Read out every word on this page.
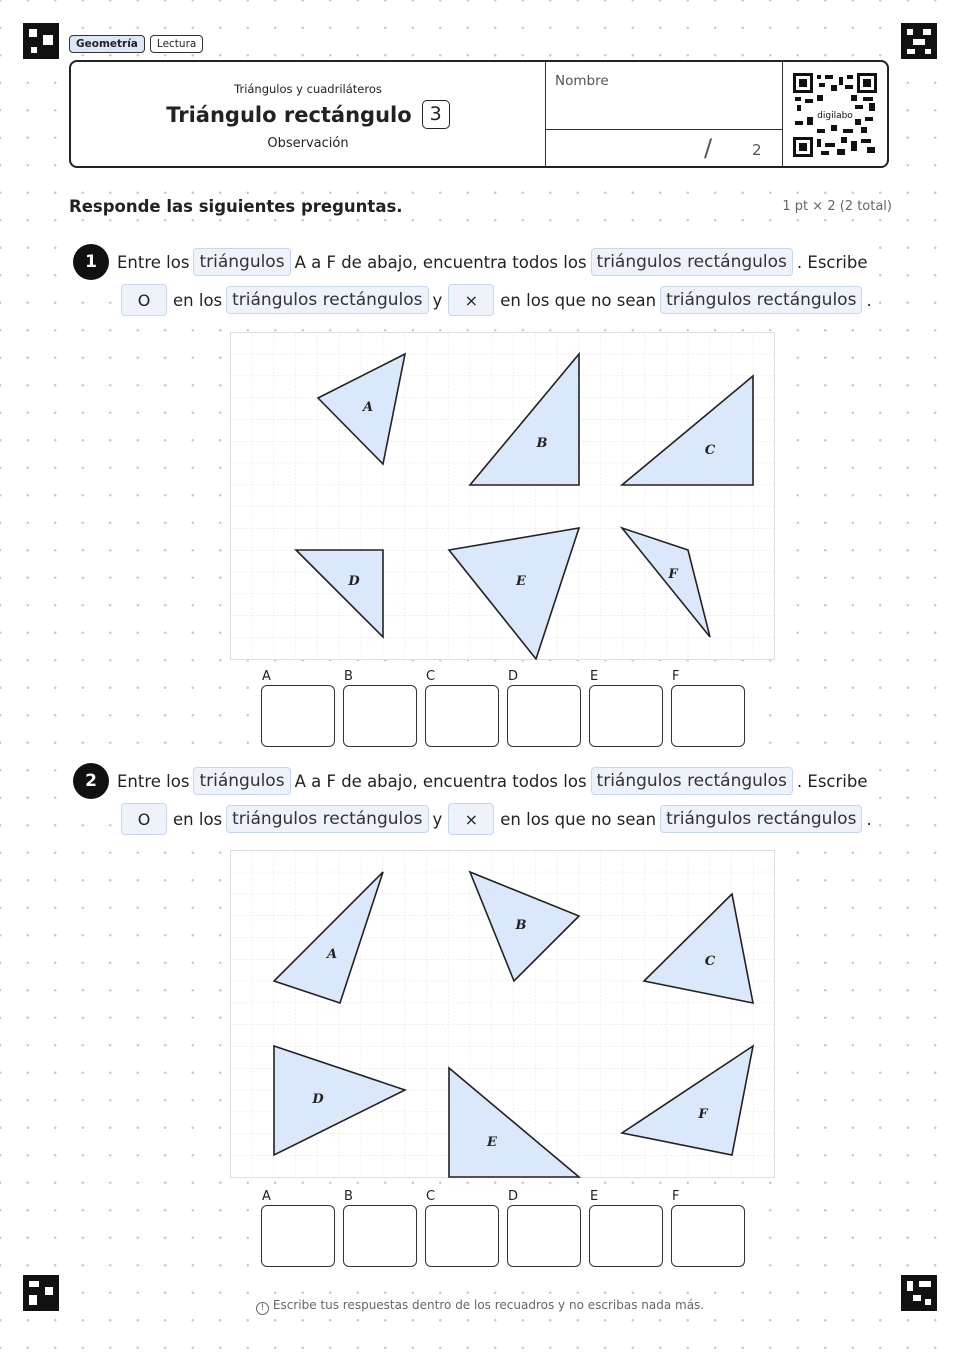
Geometría	Lectura
Triángulos y cuadriláteros
Triángulo rectángulo 3
Observación
Nombre
/	2
digilabo
Responde las siguientes preguntas.	1 pt × 2 (2 total)
1	Entre los triángulos A a F de abajo, encuentra todos los triángulos rectángulos . Escribe
O	en los triángulos rectángulos y	×	en los que no sean triángulos rectángulos .
A
B	C
D	E	F
A	B	C	D	E	F
2	Entre los triángulos A a F de abajo, encuentra todos los triángulos rectángulos . Escribe
O	en los triángulos rectángulos y	×	en los que no sean triángulos rectángulos .
A
B
C
D
E
F
A	B	C	D	E	F
! Escribe tus respuestas dentro de los recuadros y no escribas nada más.
